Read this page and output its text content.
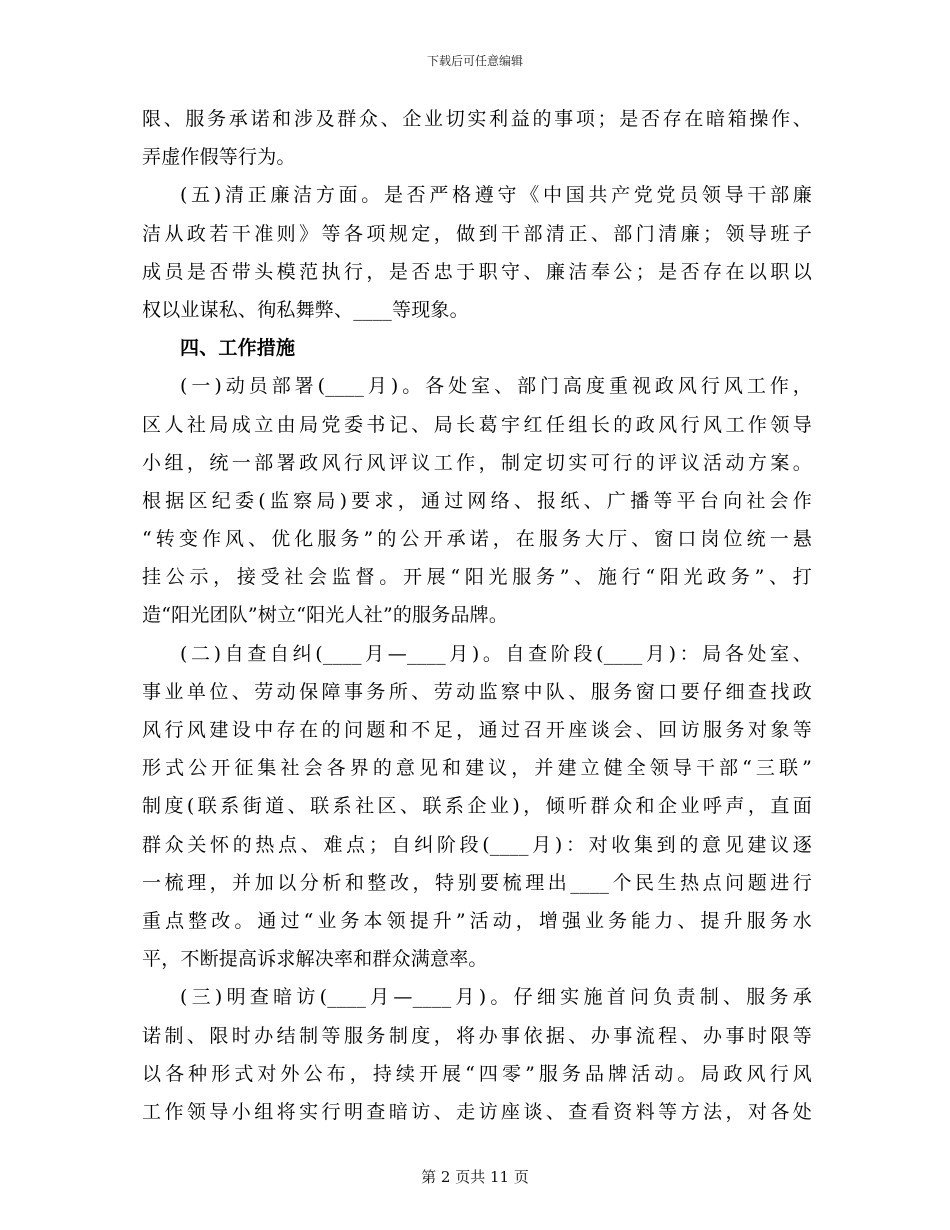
下载后可任意编辑
限、服务承诺和涉及群众、企业切实利益的事项；是否存在暗箱操作、
弄虚作假等行为。
(五)清正廉洁方面。是否严格遵守《中国共产党党员领导干部廉
洁从政若干准则》等各项规定，做到干部清正、部门清廉；领导班子
成员是否带头模范执行，是否忠于职守、廉洁奉公；是否存在以职以
权以业谋私、徇私舞弊、____等现象。
四、工作措施
(一)动员部署(____月)。各处室、部门高度重视政风行风工作，
区人社局成立由局党委书记、局长葛宇红任组长的政风行风工作领导
小组，统一部署政风行风评议工作，制定切实可行的评议活动方案。
根据区纪委(监察局)要求，通过网络、报纸、广播等平台向社会作
“转变作风、优化服务”的公开承诺，在服务大厅、窗口岗位统一悬
挂公示，接受社会监督。开展“阳光服务”、施行“阳光政务”、打
造“阳光团队”树立“阳光人社”的服务品牌。
(二)自查自纠(____月—____月)。自查阶段(____月)：局各处室、
事业单位、劳动保障事务所、劳动监察中队、服务窗口要仔细查找政
风行风建设中存在的问题和不足，通过召开座谈会、回访服务对象等
形式公开征集社会各界的意见和建议，并建立健全领导干部“三联”
制度(联系街道、联系社区、联系企业)，倾听群众和企业呼声，直面
群众关怀的热点、难点；自纠阶段(____月)：对收集到的意见建议逐
一梳理，并加以分析和整改，特别要梳理出____个民生热点问题进行
重点整改。通过“业务本领提升”活动，增强业务能力、提升服务水
平，不断提高诉求解决率和群众满意率。
(三)明查暗访(____月—____月)。仔细实施首问负责制、服务承
诺制、限时办结制等服务制度，将办事依据、办事流程、办事时限等
以各种形式对外公布，持续开展“四零”服务品牌活动。局政风行风
工作领导小组将实行明查暗访、走访座谈、查看资料等方法，对各处
第 2 页共 11 页
